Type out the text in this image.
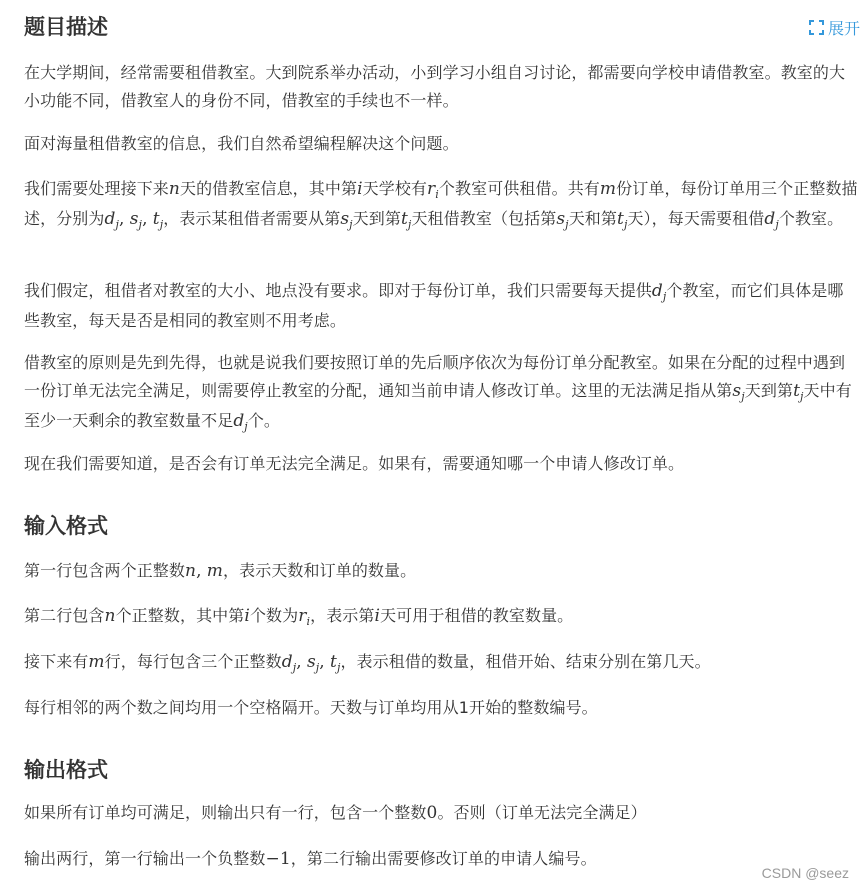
展开
题目描述

在大学期间，经常需要租借教室。大到院系举办活动，小到学习小组自习讨论，都需要向学校申请借教室。教室的大小功能不同，借教室人的身份不同，借教室的手续也不一样。

面对海量租借教室的信息，我们自然希望编程解决这个问题。

我们需要处理接下来n天的借教室信息，其中第i天学校有$r_i$个教室可供租借。共有m份订单，每份订单用三个正整数描述，分别为$d_j$, $s_j$, $t_j$，表示某租借者需要从第$s_j$天到第$t_j$天租借教室（包括第$s_j$天和第$t_j$天），每天需要租借$d_j$个教室。

我们假定，租借者对教室的大小、地点没有要求。即对于每份订单，我们只需要每天提供$d_j$个教室，而它们具体是哪些教室，每天是否是相同的教室则不用考虑。

借教室的原则是先到先得，也就是说我们要按照订单的先后顺序依次为每份订单分配教室。如果在分配的过程中遇到一份订单无法完全满足，则需要停止教室的分配，通知当前申请人修改订单。这里的无法满足指从第$s_j$天到第$t_j$天中有至少一天剩余的教室数量不足$d_j$个。

现在我们需要知道，是否会有订单无法完全满足。如果有，需要通知哪一个申请人修改订单。

输入格式

第一行包含两个正整数n, m，表示天数和订单的数量。

第二行包含n个正整数，其中第i个数为$r_i$，表示第i天可用于租借的教室数量。

接下来有m行，每行包含三个正整数$d_j$, $s_j$, $t_j$，表示租借的数量，租借开始、结束分别在第几天。

每行相邻的两个数之间均用一个空格隔开。天数与订单均用从1开始的整数编号。

输出格式

如果所有订单均可满足，则输出只有一行，包含一个整数0。否则（订单无法完全满足）

输出两行，第一行输出一个负整数−1，第二行输出需要修改订单的申请人编号。

CSDN @seez
